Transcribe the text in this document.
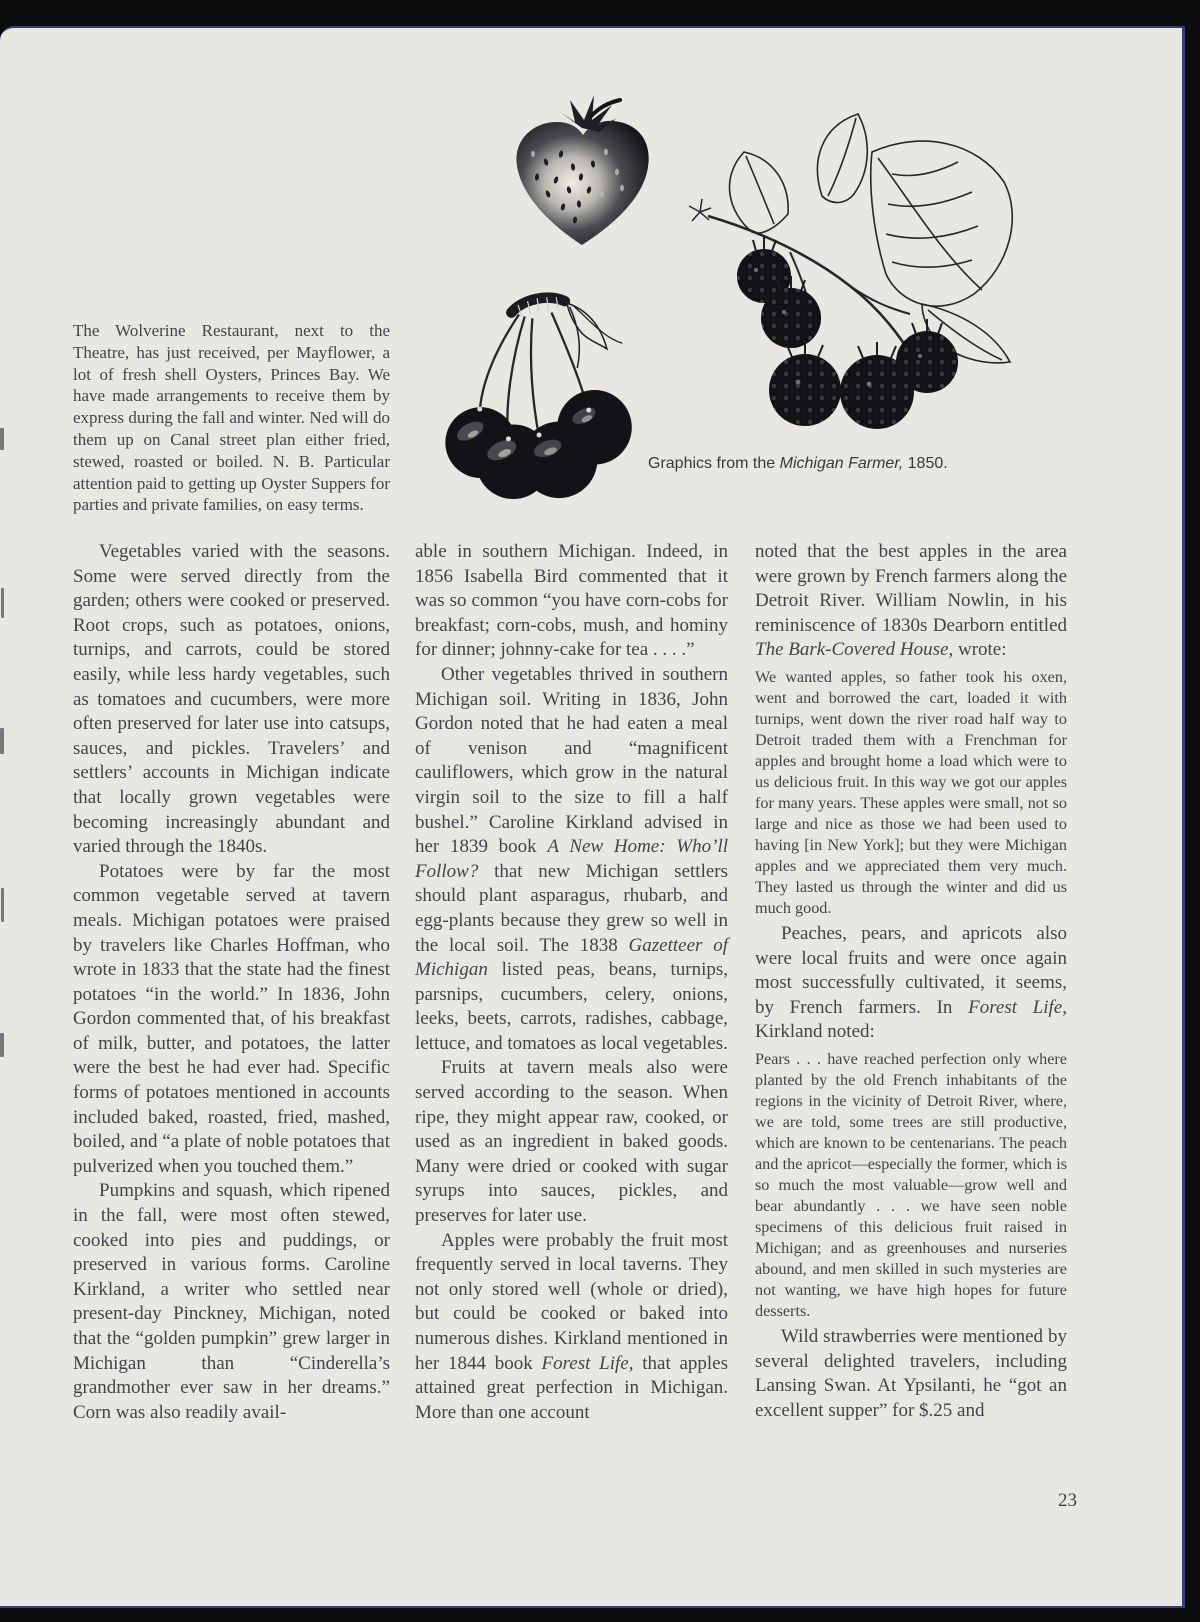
Graphics from the Michigan Farmer, 1850.

The Wolverine Restaurant, next to the Theatre, has just received, per Mayflower, a lot of fresh shell Oysters, Princes Bay. We have made arrangements to receive them by express during the fall and winter. Ned will do them up on Canal street plan either fried, stewed, roasted or boiled. N. B. Particular attention paid to getting up Oyster Suppers for parties and private families, on easy terms.

Vegetables varied with the seasons. Some were served directly from the garden; others were cooked or preserved. Root crops, such as potatoes, onions, turnips, and carrots, could be stored easily, while less hardy vegetables, such as tomatoes and cucumbers, were more often preserved for later use into catsups, sauces, and pickles. Travelers’ and settlers’ accounts in Michigan indicate that locally grown vegetables were becoming increasingly abundant and varied through the 1840s.

Potatoes were by far the most common vegetable served at tavern meals. Michigan potatoes were praised by travelers like Charles Hoffman, who wrote in 1833 that the state had the finest potatoes “in the world.” In 1836, John Gordon commented that, of his breakfast of milk, butter, and potatoes, the latter were the best he had ever had. Specific forms of potatoes mentioned in accounts included baked, roasted, fried, mashed, boiled, and “a plate of noble potatoes that pulverized when you touched them.”

Pumpkins and squash, which ripened in the fall, were most often stewed, cooked into pies and puddings, or preserved in various forms. Caroline Kirkland, a writer who settled near present-day Pinckney, Michigan, noted that the “golden pumpkin” grew larger in Michigan than “Cinderella’s grandmother ever saw in her dreams.” Corn was also readily avail-

able in southern Michigan. Indeed, in 1856 Isabella Bird commented that it was so common “you have corn-cobs for breakfast; corn-cobs, mush, and hominy for dinner; johnny-cake for tea . . . .”

Other vegetables thrived in southern Michigan soil. Writing in 1836, John Gordon noted that he had eaten a meal of venison and “magnificent cauliflowers, which grow in the natural virgin soil to the size to fill a half bushel.” Caroline Kirkland advised in her 1839 book A New Home: Who’ll Follow? that new Michigan settlers should plant asparagus, rhubarb, and egg-plants because they grew so well in the local soil. The 1838 Gazetteer of Michigan listed peas, beans, turnips, parsnips, cucumbers, celery, onions, leeks, beets, carrots, radishes, cabbage, lettuce, and tomatoes as local vegetables.

Fruits at tavern meals also were served according to the season. When ripe, they might appear raw, cooked, or used as an ingredient in baked goods. Many were dried or cooked with sugar syrups into sauces, pickles, and preserves for later use.

Apples were probably the fruit most frequently served in local taverns. They not only stored well (whole or dried), but could be cooked or baked into numerous dishes. Kirkland mentioned in her 1844 book Forest Life, that apples attained great perfection in Michigan. More than one account

noted that the best apples in the area were grown by French farmers along the Detroit River. William Nowlin, in his reminiscence of 1830s Dearborn entitled The Bark-Covered House, wrote:

We wanted apples, so father took his oxen, went and borrowed the cart, loaded it with turnips, went down the river road half way to Detroit traded them with a Frenchman for apples and brought home a load which were to us delicious fruit. In this way we got our apples for many years. These apples were small, not so large and nice as those we had been used to having [in New York]; but they were Michigan apples and we appreciated them very much. They lasted us through the winter and did us much good.

Peaches, pears, and apricots also were local fruits and were once again most successfully cultivated, it seems, by French farmers. In Forest Life, Kirkland noted:

Pears . . . have reached perfection only where planted by the old French inhabitants of the regions in the vicinity of Detroit River, where, we are told, some trees are still productive, which are known to be centenarians. The peach and the apricot—especially the former, which is so much the most valuable—grow well and bear abundantly . . . we have seen noble specimens of this delicious fruit raised in Michigan; and as greenhouses and nurseries abound, and men skilled in such mysteries are not wanting, we have high hopes for future desserts.

Wild strawberries were mentioned by several delighted travelers, including Lansing Swan. At Ypsilanti, he “got an excellent supper” for $.25 and

23
